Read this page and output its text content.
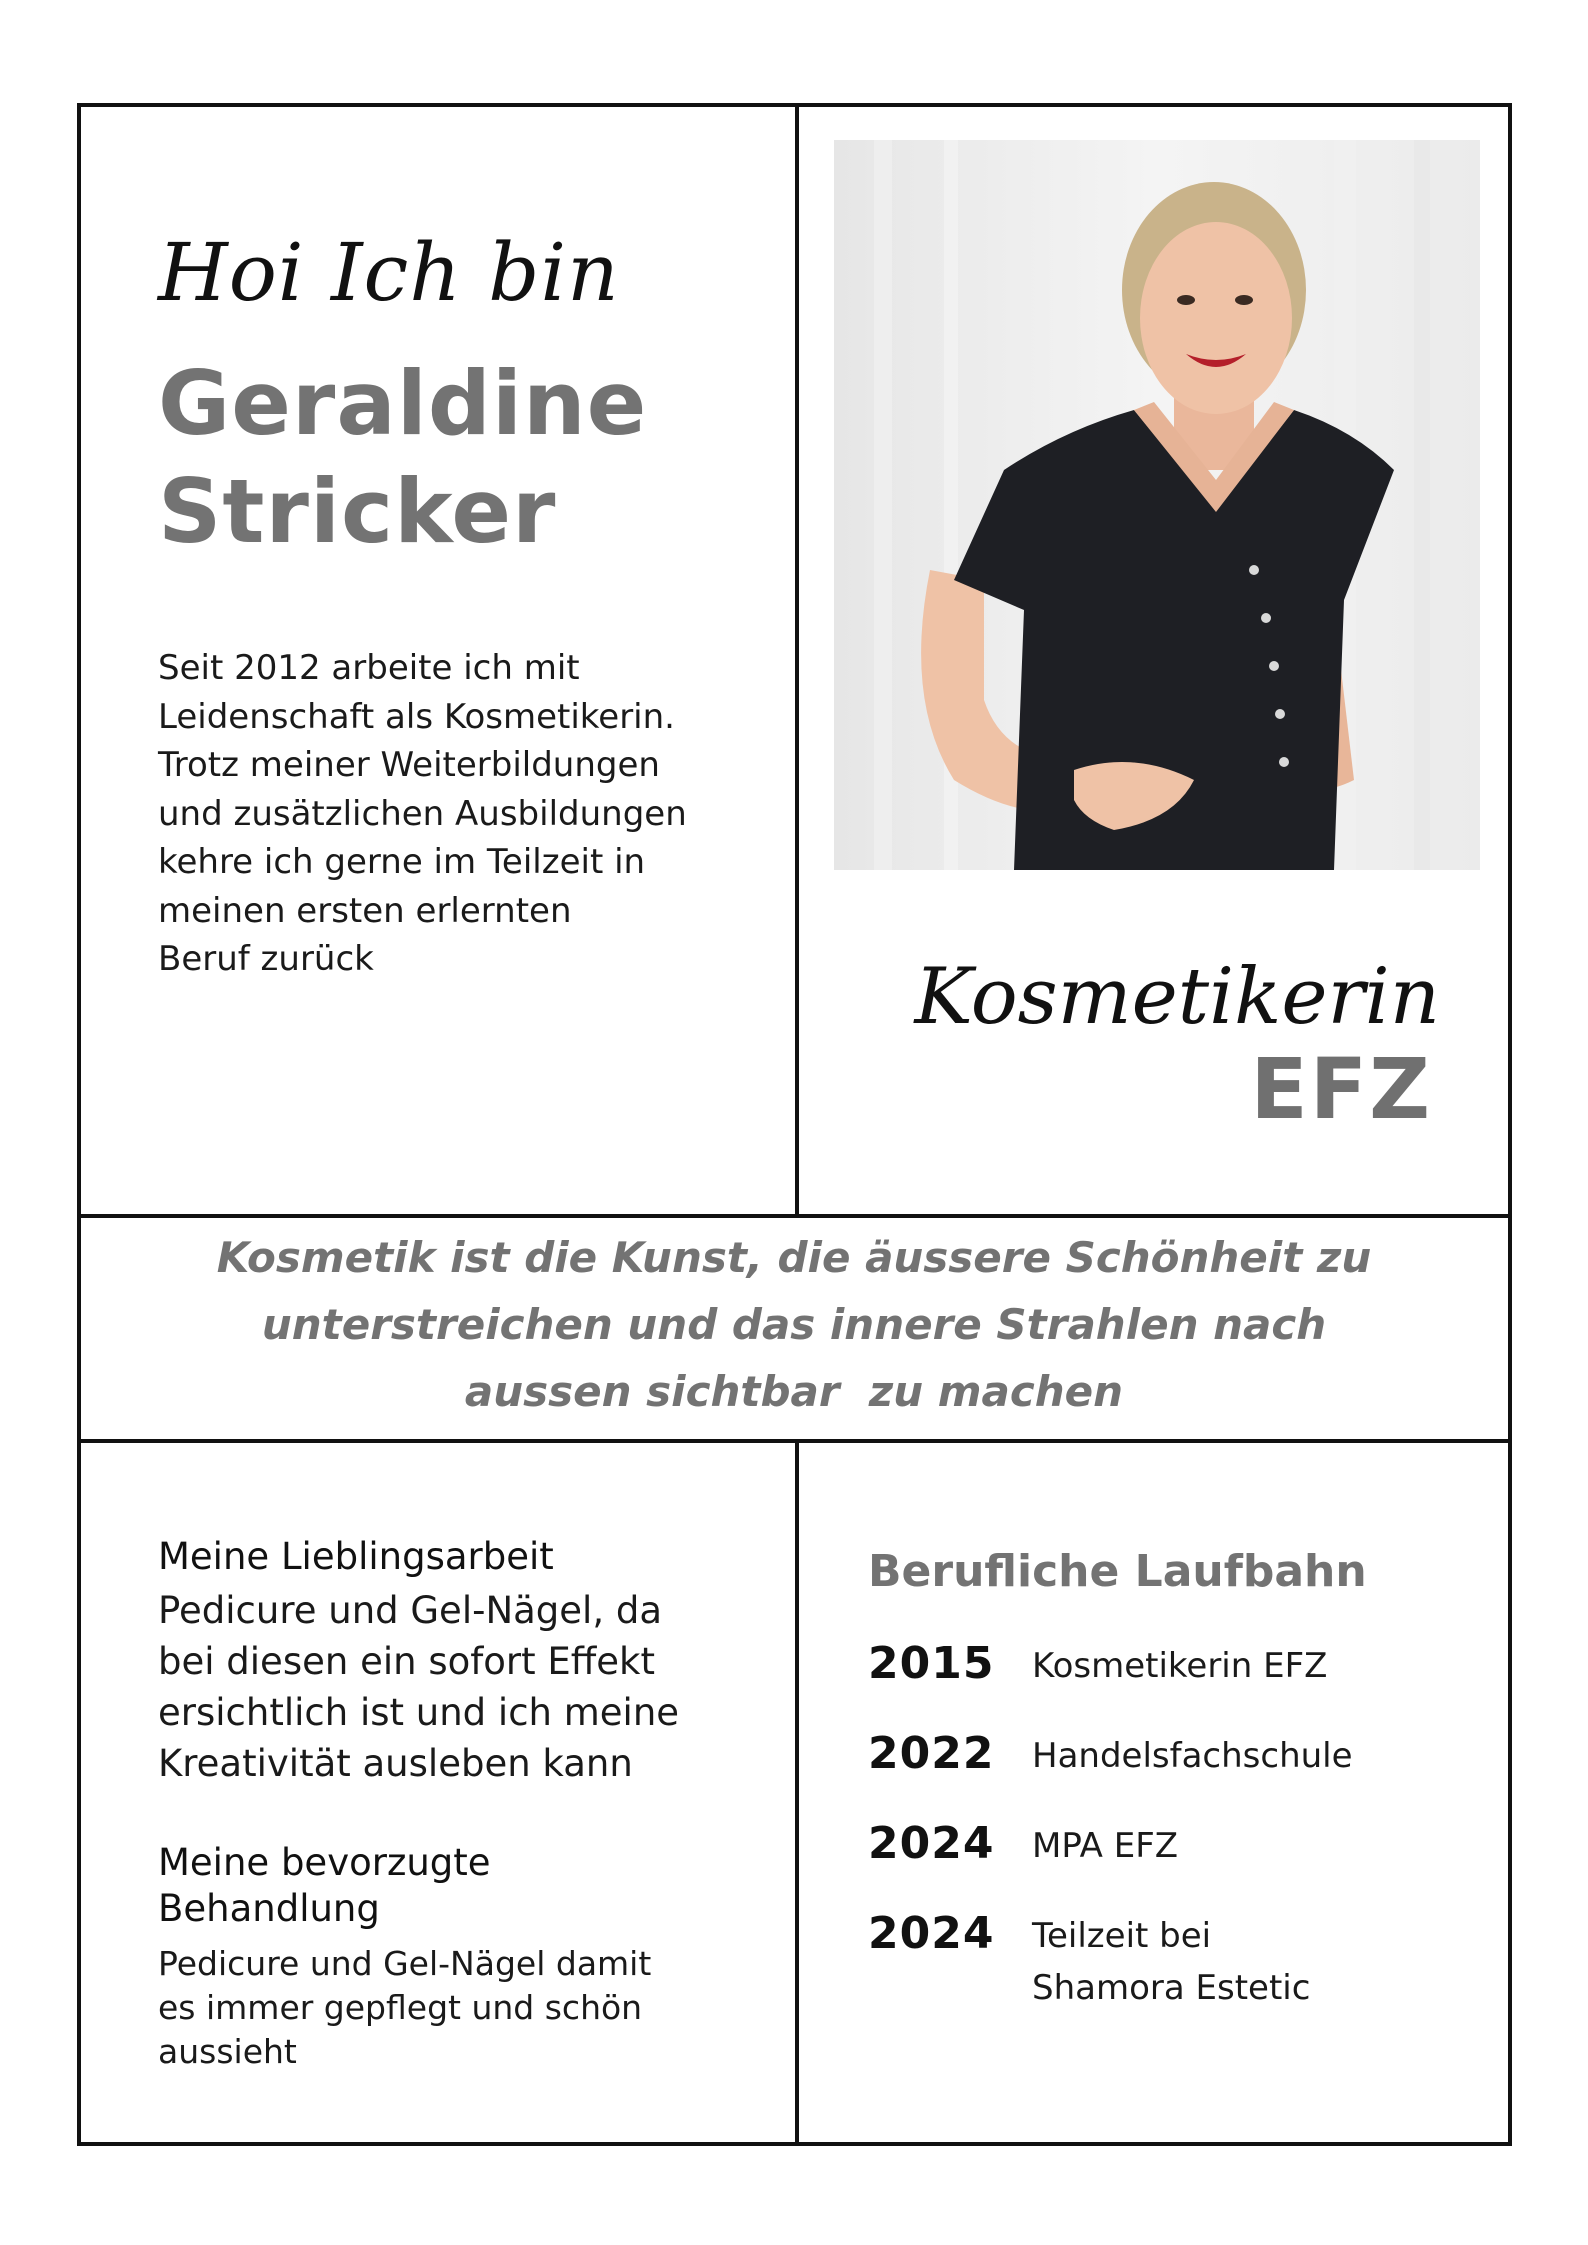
Hoi Ich bin
Geraldine
Stricker
Seit 2012 arbeite ich mit
Leidenschaft als Kosmetikerin.
Trotz meiner Weiterbildungen
und zusätzlichen Ausbildungen
kehre ich gerne im Teilzeit in
meinen ersten erlernten
Beruf zurück	Kosmetikerin
EFZ
Kosmetik ist die Kunst, die äussere Schönheit zu
unterstreichen und das innere Strahlen nach
aussen sichtbar  zu machen
Meine Lieblingsarbeit
Pedicure und Gel-Nägel, da
bei diesen ein sofort Effekt
ersichtlich ist und ich meine
Kreativität ausleben kann
Meine bevorzugte
Behandlung
Pedicure und Gel-Nägel damit
es immer gepflegt und schön
aussieht
Berufliche Laufbahn
2015	Kosmetikerin EFZ
2022	Handelsfachschule
2024	MPA EFZ
2024	Teilzeit bei
Shamora Estetic
